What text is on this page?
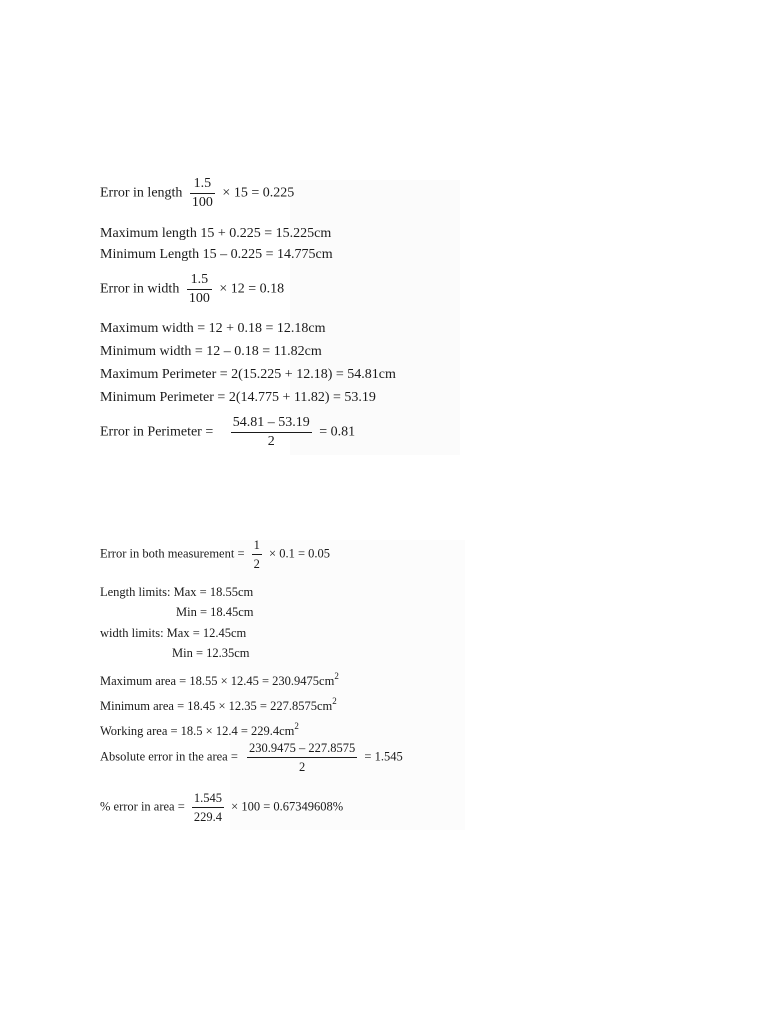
Error in length $\frac{1.5}{100} \times 15 = 0.225$
Maximum length 15 + 0.225 = 15.225cm
Minimum Length 15 – 0.225 = 14.775cm
Error in width $\frac{1.5}{100} \times 12 = 0.18$
Maximum width = 12 + 0.18 = 12.18cm
Minimum width = 12 – 0.18 = 11.82cm
Maximum Perimeter = 2(15.225 + 12.18) = 54.81cm
Minimum Perimeter = 2(14.775 + 11.82) = 53.19
Error in Perimeter = $\frac{54.81 - 53.19}{2} = 0.81$
Error in both measurement = $\frac{1}{2} \times 0.1 = 0.05$
Length limits: Max = 18.55cm
Min = 18.45cm
width limits: Max = 12.45cm
Min = 12.35cm
Maximum area = $18.55 \times 12.45 = 230.9475cm^2$
Minimum area = $18.45 \times 12.35 = 227.8575cm^2$
Working area = $18.5 \times 12.4 = 229.4cm^2$
Absolute error in the area = $\frac{230.9475 - 227.8575}{2} = 1.545$
% error in area = $\frac{1.545}{229.4} \times 100 = 0.67349608\%$
